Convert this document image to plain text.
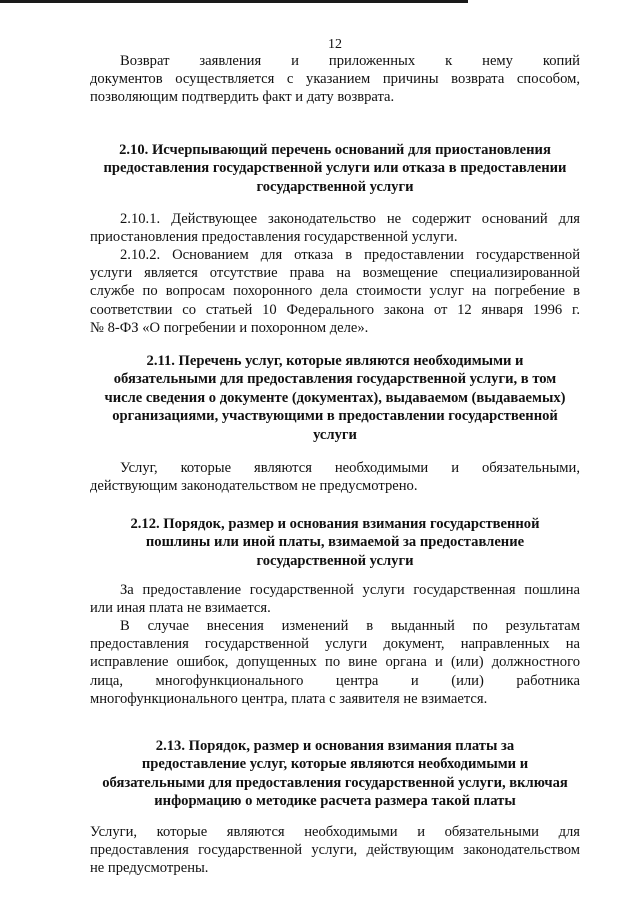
12
Возврат заявления и приложенных к нему копий
документов осуществляется с указанием причины возврата способом,
позволяющим подтвердить факт и дату возврата.
2.10. Исчерпывающий перечень оснований для приостановления
предоставления государственной услуги или отказа в предоставлении
государственной услуги
2.10.1. Действующее законодательство не содержит оснований для
приостановления предоставления государственной услуги.
2.10.2. Основанием для отказа в предоставлении государственной
услуги является отсутствие права на возмещение специализированной
службе по вопросам похоронного дела стоимости услуг на погребение в
соответствии со статьей 10 Федерального закона от 12 января 1996 г.
№ 8-ФЗ «О погребении и похоронном деле».
2.11. Перечень услуг, которые являются необходимыми и
обязательными для предоставления государственной услуги, в том
числе сведения о документе (документах), выдаваемом (выдаваемых)
организациями, участвующими в предоставлении государственной
услуги
Услуг, которые являются необходимыми и обязательными,
действующим законодательством не предусмотрено.
2.12. Порядок, размер и основания взимания государственной
пошлины или иной платы, взимаемой за предоставление
государственной услуги
За предоставление государственной услуги государственная пошлина
или иная плата не взимается.
В случае внесения изменений в выданный по результатам
предоставления государственной услуги документ, направленных на
исправление ошибок, допущенных по вине органа и (или) должностного
лица, многофункционального центра и (или) работника
многофункционального центра, плата с заявителя не взимается.
2.13. Порядок, размер и основания взимания платы за
предоставление услуг, которые являются необходимыми и
обязательными для предоставления государственной услуги, включая
информацию о методике расчета размера такой платы
Услуги, которые являются необходимыми и обязательными для
предоставления государственной услуги, действующим законодательством
не предусмотрены.
